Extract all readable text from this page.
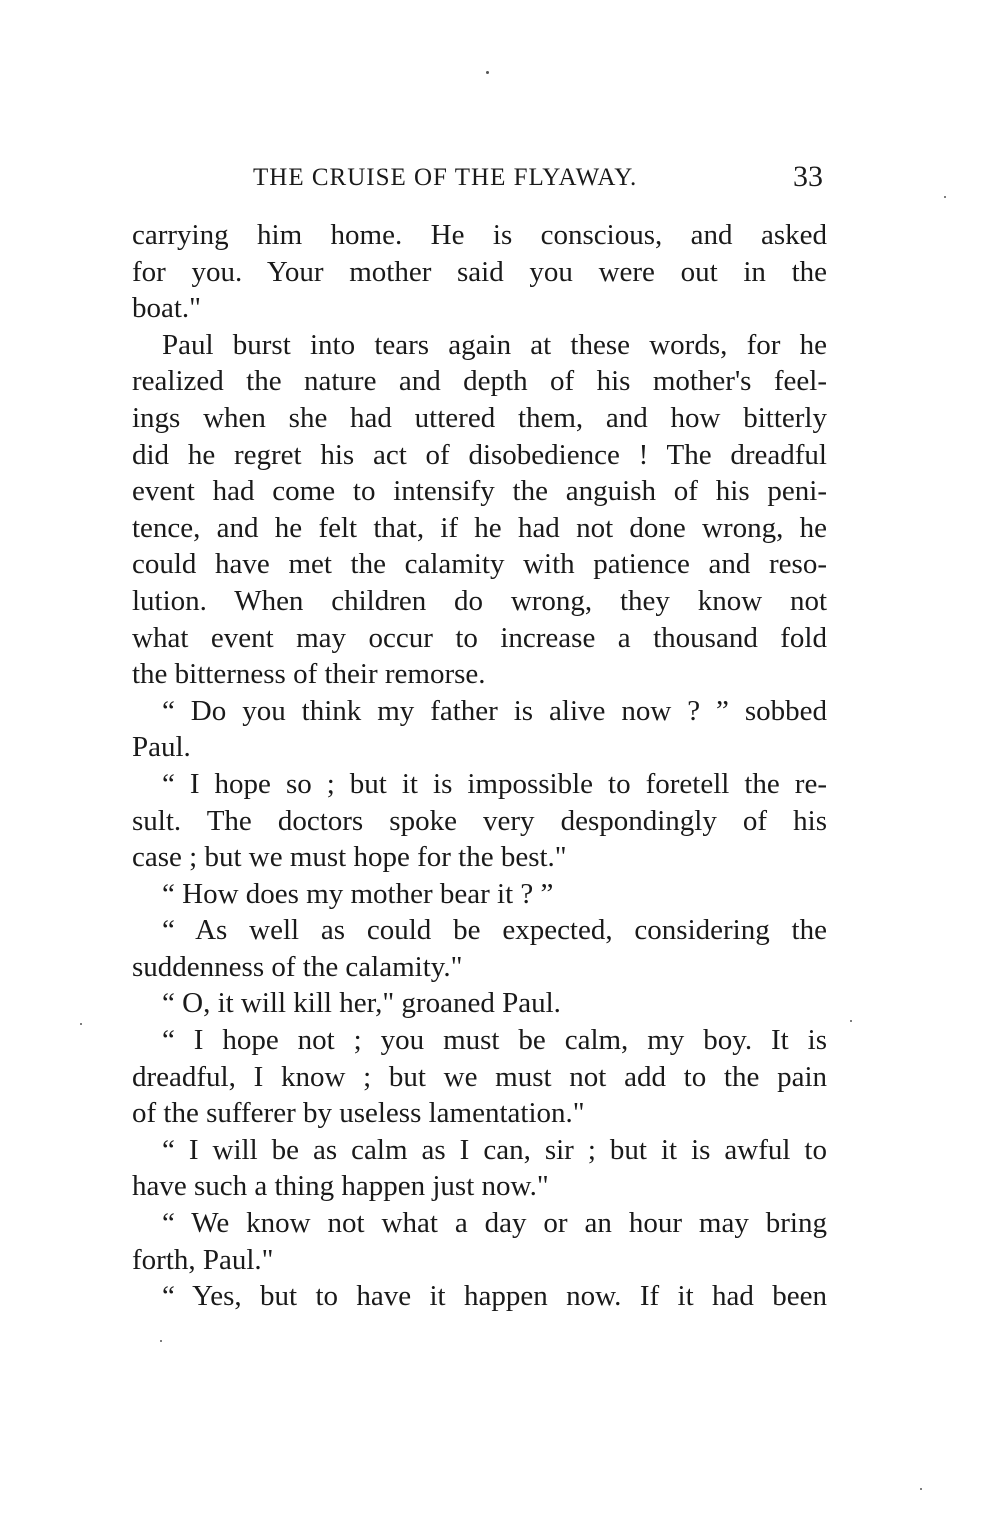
THE CRUISE OF THE FLYAWAY.	33
carrying him home. He is conscious, and asked
for you. Your mother said you were out in the
boat."
Paul burst into tears again at these words, for he
realized the nature and depth of his mother's feel-
ings when she had uttered them, and how bitterly
did he regret his act of disobedience ! The dreadful
event had come to intensify the anguish of his peni-
tence, and he felt that, if he had not done wrong, he
could have met the calamity with patience and reso-
lution. When children do wrong, they know not
what event may occur to increase a thousand fold
the bitterness of their remorse.
“ Do you think my father is alive now ? ” sobbed
Paul.
“ I hope so ; but it is impossible to foretell the re-
sult. The doctors spoke very despondingly of his
case ; but we must hope for the best."
“ How does my mother bear it ? ”
“ As well as could be expected, considering the
suddenness of the calamity."
“ O, it will kill her," groaned Paul.
“ I hope not ; you must be calm, my boy. It is
dreadful, I know ; but we must not add to the pain
of the sufferer by useless lamentation."
“ I will be as calm as I can, sir ; but it is awful to
have such a thing happen just now."
“ We know not what a day or an hour may bring
forth, Paul."
“ Yes, but to have it happen now. If it had been
